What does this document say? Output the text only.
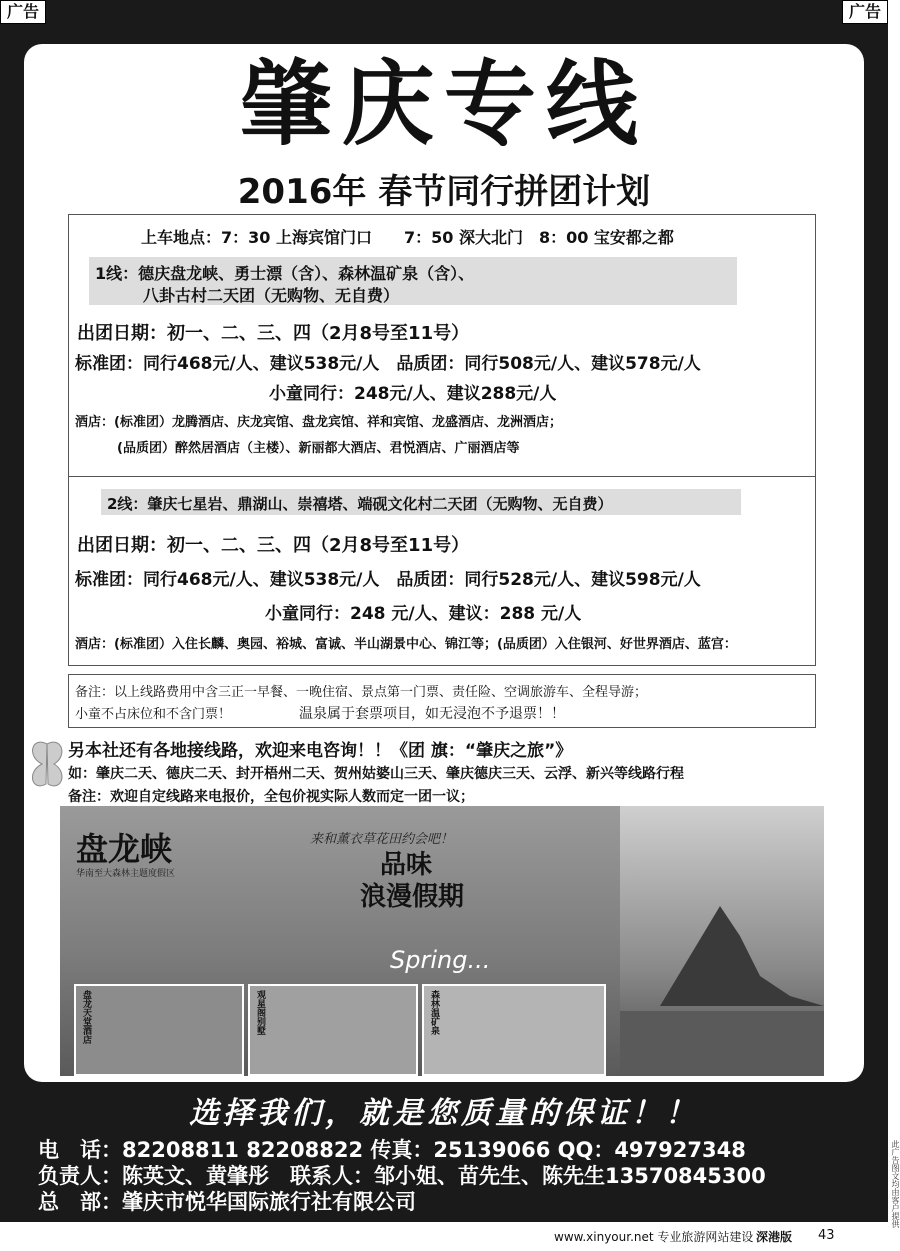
广告	广告
肇庆专线
2016年 春节同行拼团计划
上车地点：7：30 上海宾馆门口　　7：50 深大北门　8：00 宝安都之都
1线：德庆盘龙峡、勇士漂（含）、森林温矿泉（含）、
八卦古村二天团（无购物、无自费）
出团日期：初一、二、三、四（2月8号至11号）
标准团：同行468元/人、建议538元/人　品质团：同行508元/人、建议578元/人
小童同行：248元/人、建议288元/人
酒店：(标准团）龙腾酒店、庆龙宾馆、盘龙宾馆、祥和宾馆、龙盛酒店、龙洲酒店；
(品质团）醉然居酒店（主楼）、新丽都大酒店、君悦酒店、广丽酒店等
2线：肇庆七星岩、鼎湖山、崇禧塔、端砚文化村二天团（无购物、无自费）
出团日期：初一、二、三、四（2月8号至11号）
标准团：同行468元/人、建议538元/人　品质团：同行528元/人、建议598元/人
小童同行：248 元/人、建议：288 元/人
酒店：(标准团）入住长麟、奥园、裕城、富诚、半山湖景中心、锦江等；(品质团）入住银河、好世界酒店、蓝宫：
备注：以上线路费用中含三正一早餐、一晚住宿、景点第一门票、责任险、空调旅游车、全程导游；
小童不占床位和不含门票！	温泉属于套票项目，如无浸泡不予退票！！
另本社还有各地接线路，欢迎来电咨询！！《团 旗：“肇庆之旅”》
如：肇庆二天、德庆二天、封开梧州二天、贺州姑婆山三天、肇庆德庆三天、云浮、新兴等线路行程
备注：欢迎自定线路来电报价，全包价视实际人数而定一团一议；
盘龙峡
华南至大森林主题度假区
来和薰衣草花田约会吧！
品味
浪漫假期
Spring...
盘龙天堂酒店	观星阁别墅	森林温矿泉
选择我们，就是您质量的保证！！
电　话：82208811 82208822 传真：25139066 QQ：497927348
负责人：陈英文、黄肇彤　联系人：邹小姐、苗先生、陈先生13570845300
总　部：肇庆市悦华国际旅行社有限公司
www.xinyour.net 专业旅游网站建设 深港版 43
此广告图文均由客户提供
